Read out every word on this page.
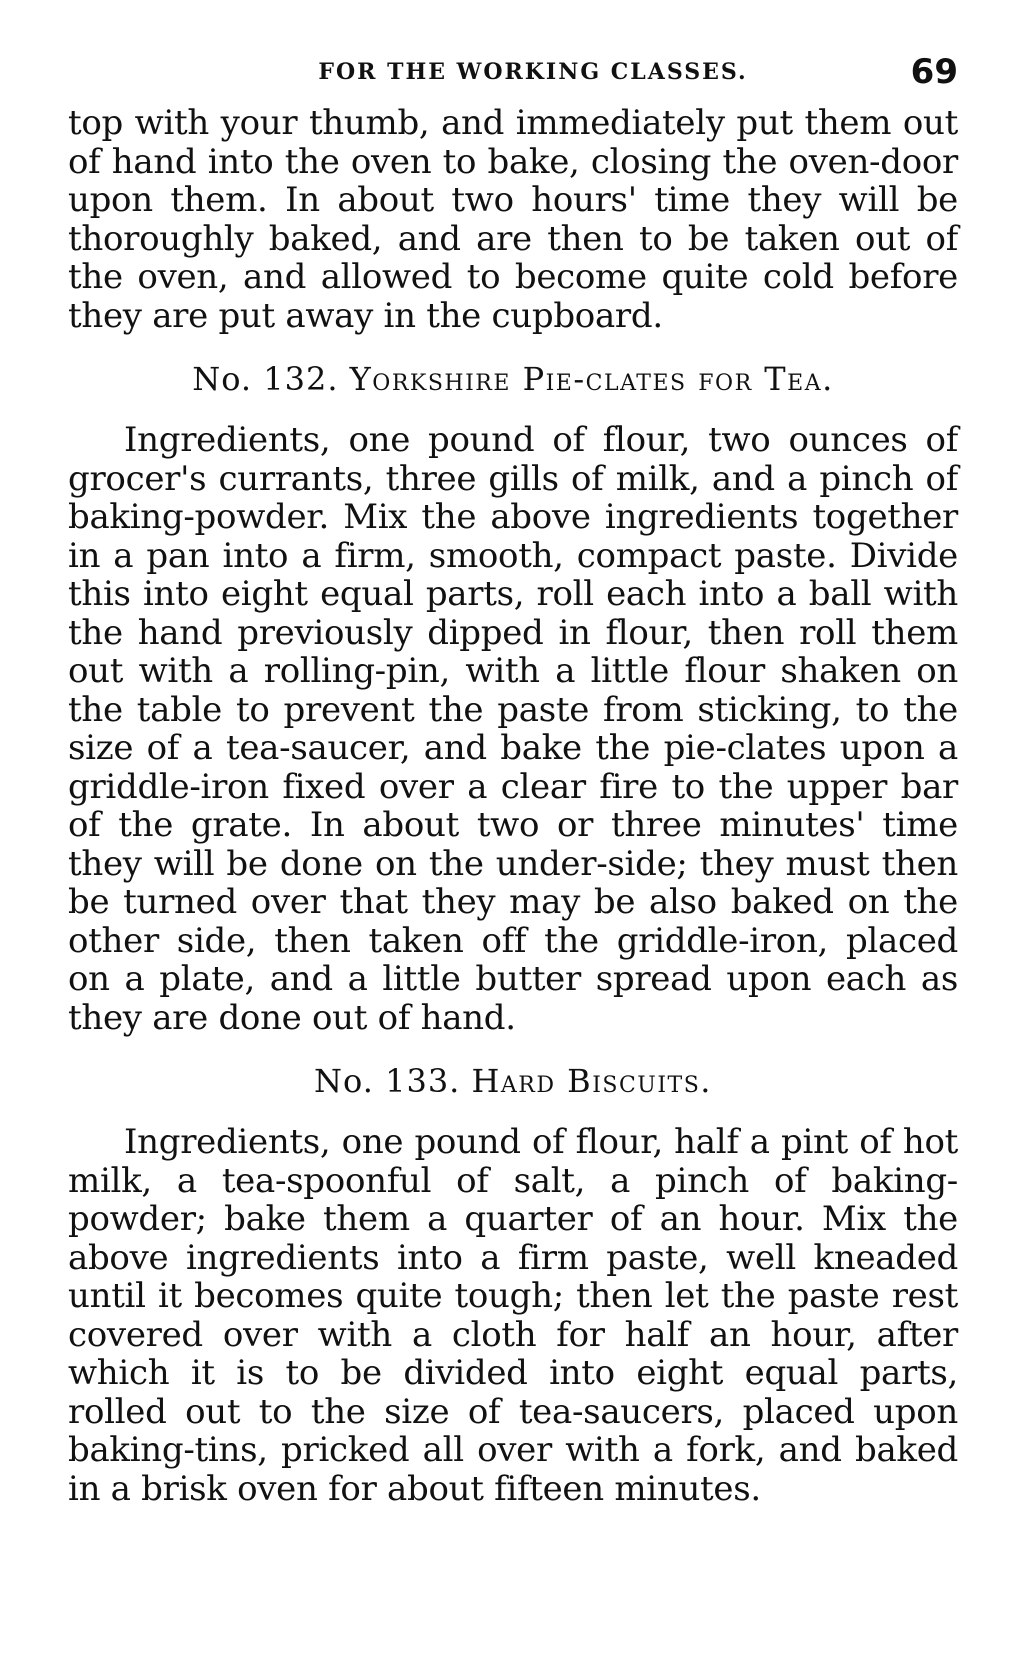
FOR THE WORKING CLASSES.	69

top with your thumb, and immediately put them out of hand into the oven to bake, closing the oven-door upon them. In about two hours' time they will be thoroughly baked, and are then to be taken out of the oven, and allowed to become quite cold before they are put away in the cupboard.

No. 132. Yorkshire Pie-clates for Tea.

Ingredients, one pound of flour, two ounces of grocer's currants, three gills of milk, and a pinch of baking-powder. Mix the above ingredients together in a pan into a firm, smooth, compact paste. Divide this into eight equal parts, roll each into a ball with the hand previously dipped in flour, then roll them out with a rolling-pin, with a little flour shaken on the table to prevent the paste from sticking, to the size of a tea-saucer, and bake the pie-clates upon a griddle-iron fixed over a clear fire to the upper bar of the grate. In about two or three minutes' time they will be done on the under-side; they must then be turned over that they may be also baked on the other side, then taken off the griddle-iron, placed on a plate, and a little butter spread upon each as they are done out of hand.

No. 133. Hard Biscuits.

Ingredients, one pound of flour, half a pint of hot milk, a tea-spoonful of salt, a pinch of baking-powder; bake them a quarter of an hour. Mix the above ingredients into a firm paste, well kneaded until it becomes quite tough; then let the paste rest covered over with a cloth for half an hour, after which it is to be divided into eight equal parts, rolled out to the size of tea-saucers, placed upon baking-tins, pricked all over with a fork, and baked in a brisk oven for about fifteen minutes.
